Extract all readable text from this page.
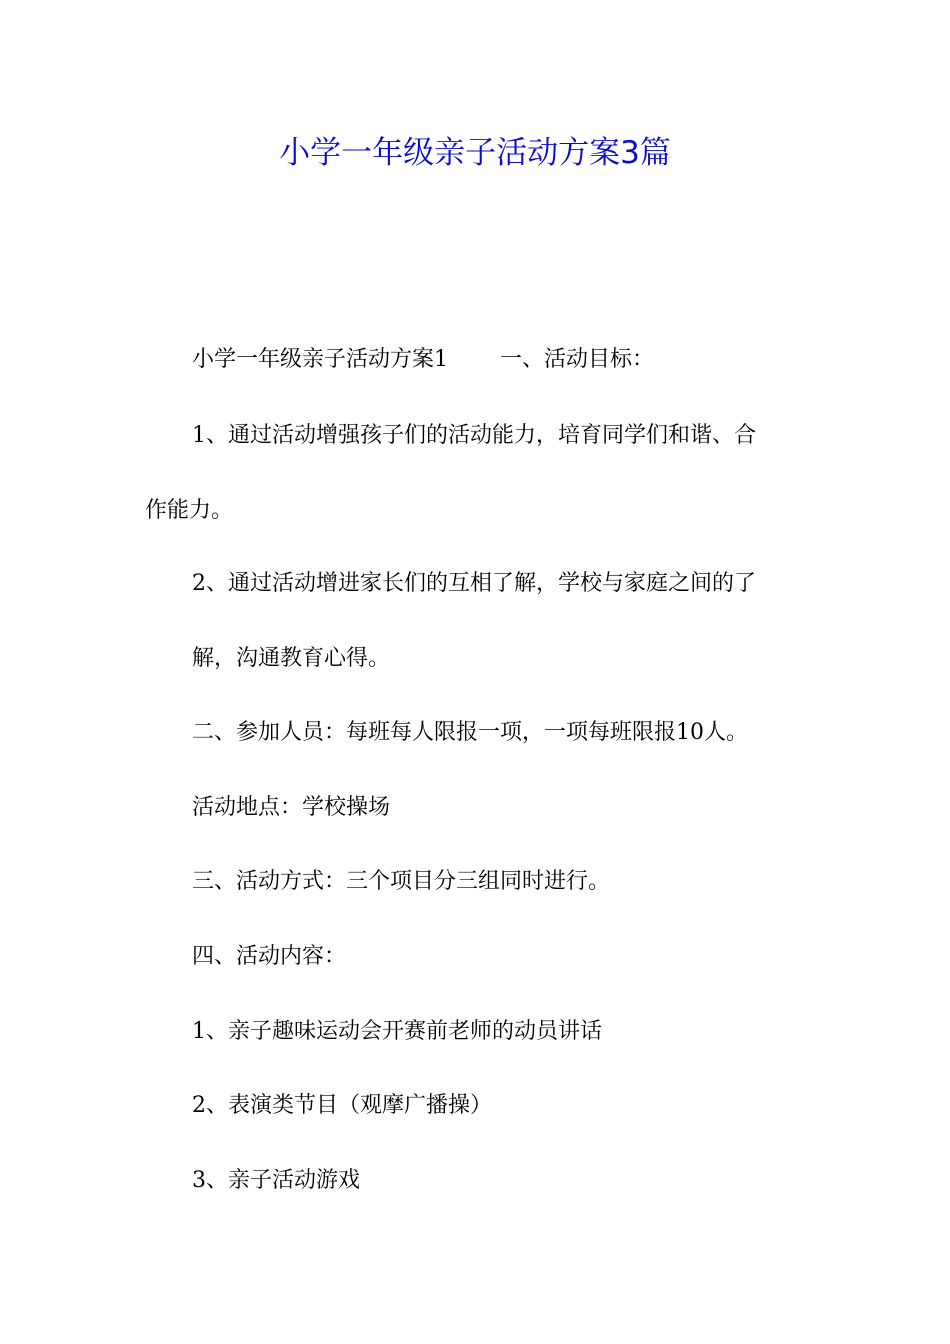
小学一年级亲子活动方案3篇

小学一年级亲子活动方案1 一、活动目标：

1、通过活动增强孩子们的活动能力，培育同学们和谐、合

作能力。

2、通过活动增进家长们的互相了解，学校与家庭之间的了

解，沟通教育心得。

二、参加人员：每班每人限报一项，一项每班限报10人。

活动地点：学校操场

三、活动方式：三个项目分三组同时进行。

四、活动内容：

1、亲子趣味运动会开赛前老师的动员讲话

2、表演类节目（观摩广播操）

3、亲子活动游戏
